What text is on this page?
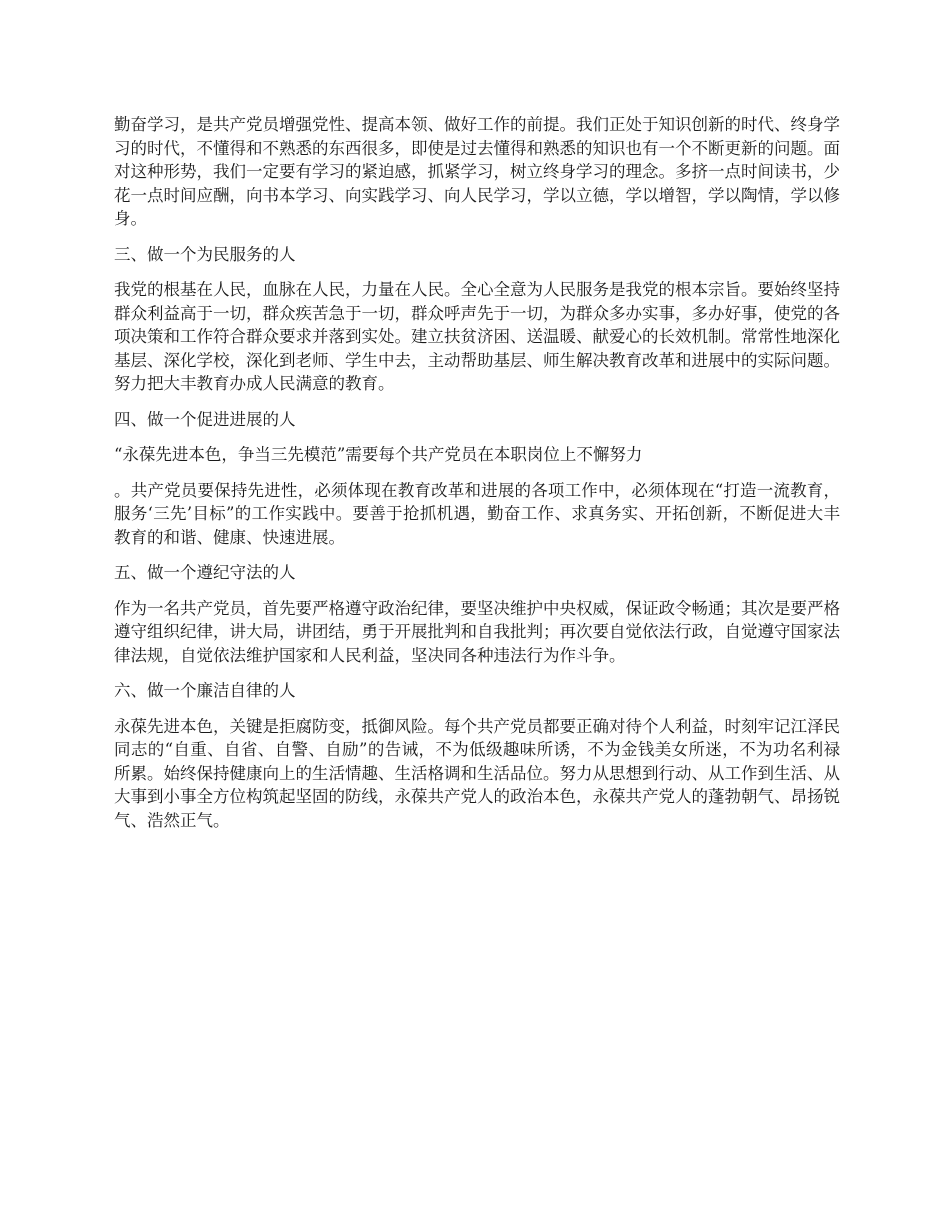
勤奋学习，是共产党员增强党性、提高本领、做好工作的前提。我们正处于知识创新的时代、终身学习的时代，不懂得和不熟悉的东西很多，即使是过去懂得和熟悉的知识也有一个不断更新的问题。面对这种形势，我们一定要有学习的紧迫感，抓紧学习，树立终身学习的理念。多挤一点时间读书，少花一点时间应酬，向书本学习、向实践学习、向人民学习，学以立德，学以增智，学以陶情，学以修身。

三、做一个为民服务的人

我党的根基在人民，血脉在人民，力量在人民。全心全意为人民服务是我党的根本宗旨。要始终坚持群众利益高于一切，群众疾苦急于一切，群众呼声先于一切，为群众多办实事，多办好事，使党的各项决策和工作符合群众要求并落到实处。建立扶贫济困、送温暖、献爱心的长效机制。常常性地深化基层、深化学校，深化到老师、学生中去，主动帮助基层、师生解决教育改革和进展中的实际问题。努力把大丰教育办成人民满意的教育。

四、做一个促进进展的人

“永葆先进本色，争当三先模范”需要每个共产党员在本职岗位上不懈努力

。共产党员要保持先进性，必须体现在教育改革和进展的各项工作中，必须体现在“打造一流教育，服务‘三先’目标”的工作实践中。要善于抢抓机遇，勤奋工作、求真务实、开拓创新，不断促进大丰教育的和谐、健康、快速进展。

五、做一个遵纪守法的人

作为一名共产党员，首先要严格遵守政治纪律，要坚决维护中央权威，保证政令畅通；其次是要严格遵守组织纪律，讲大局，讲团结，勇于开展批判和自我批判；再次要自觉依法行政，自觉遵守国家法律法规，自觉依法维护国家和人民利益，坚决同各种违法行为作斗争。

六、做一个廉洁自律的人

永葆先进本色，关键是拒腐防变，抵御风险。每个共产党员都要正确对待个人利益，时刻牢记江泽民同志的“自重、自省、自警、自励”的告诫，不为低级趣味所诱，不为金钱美女所迷，不为功名利禄所累。始终保持健康向上的生活情趣、生活格调和生活品位。努力从思想到行动、从工作到生活、从大事到小事全方位构筑起坚固的防线，永葆共产党人的政治本色，永葆共产党人的蓬勃朝气、昂扬锐气、浩然正气。
